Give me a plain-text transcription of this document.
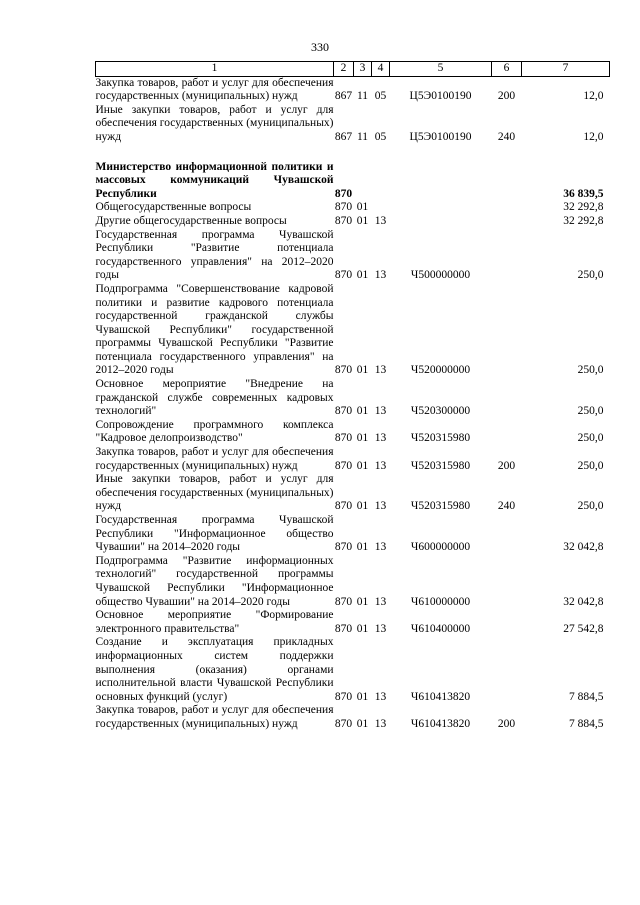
330
1	2	3	4	5	6	7
Закупка товаров, работ и услуг для обеспечения государственных (муниципальных) нужд	867	11	05	Ц5Э0100190	200	12,0
Иные закупки товаров, работ и услуг для обеспечения государственных (муниципальных) нужд	867	11	05	Ц5Э0100190	240	12,0

Министерство информационной политики и массовых коммуникаций Чувашской Республики	870					36 839,5
Общегосударственные вопросы	870	01				32 292,8
Другие общегосударственные вопросы	870	01	13			32 292,8
Государственная программа Чувашской Республики "Развитие потенциала государственного управления" на 2012–2020 годы	870	01	13	Ч500000000		250,0
Подпрограмма "Совершенствование кадровой политики и развитие кадрового потенциала государственной гражданской службы Чувашской Республики" государственной программы Чувашской Республики "Развитие потенциала государственного управления" на 2012–2020 годы	870	01	13	Ч520000000		250,0
Основное мероприятие "Внедрение на гражданской службе современных кадровых технологий"	870	01	13	Ч520300000		250,0
Сопровождение программного комплекса "Кадровое делопроизводство"	870	01	13	Ч520315980		250,0
Закупка товаров, работ и услуг для обеспечения государственных (муниципальных) нужд	870	01	13	Ч520315980	200	250,0
Иные закупки товаров, работ и услуг для обеспечения государственных (муниципальных) нужд	870	01	13	Ч520315980	240	250,0
Государственная программа Чувашской Республики "Информационное общество Чувашии" на 2014–2020 годы	870	01	13	Ч600000000		32 042,8
Подпрограмма "Развитие информационных технологий" государственной программы Чувашской Республики "Информационное общество Чувашии" на 2014–2020 годы	870	01	13	Ч610000000		32 042,8
Основное мероприятие "Формирование электронного правительства"	870	01	13	Ч610400000		27 542,8
Создание и эксплуатация прикладных информационных систем поддержки выполнения (оказания) органами исполнительной власти Чувашской Республики основных функций (услуг)	870	01	13	Ч610413820		7 884,5
Закупка товаров, работ и услуг для обеспечения государственных (муниципальных) нужд	870	01	13	Ч610413820	200	7 884,5
